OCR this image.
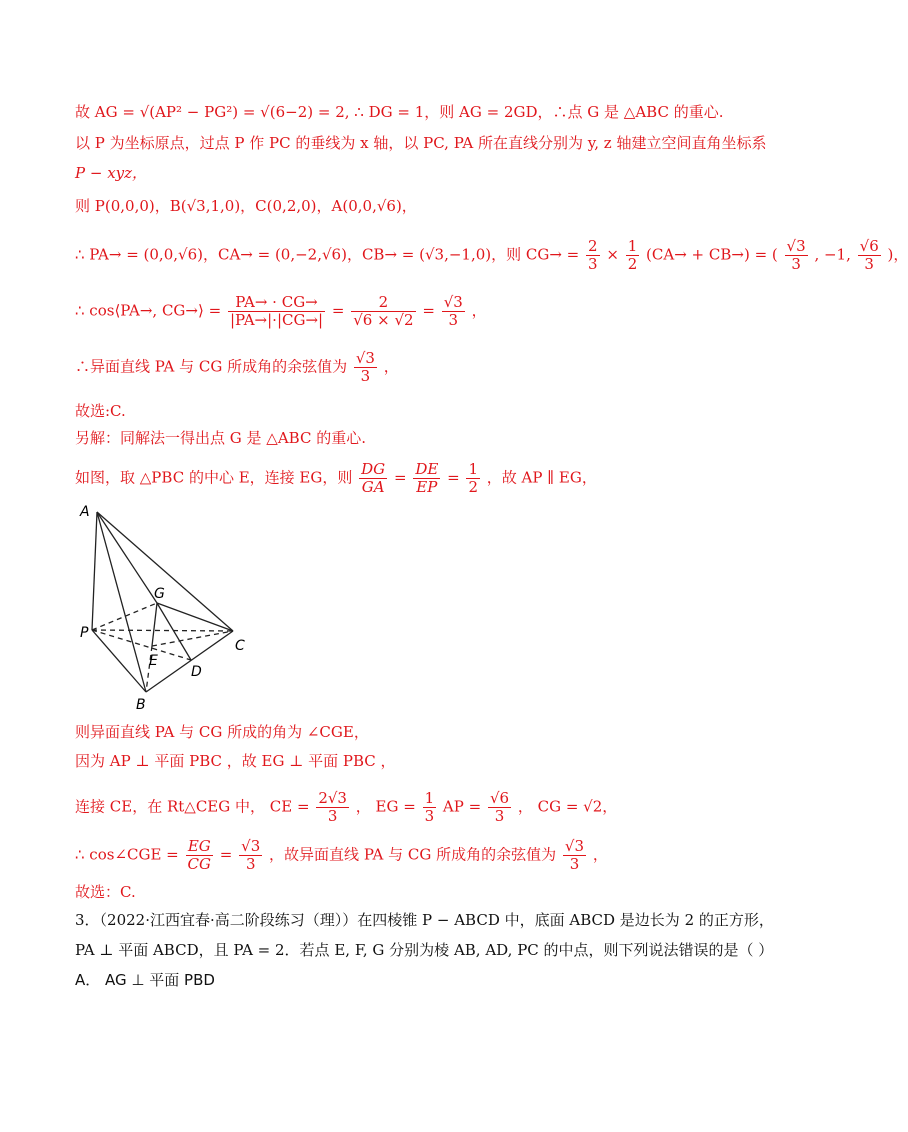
故 AG = √(AP² − PG²) = √(6−2) = 2, ∴ DG = 1，则 AG = 2GD，∴点 G 是 △ABC 的重心.
以 P 为坐标原点，过点 P 作 PC 的垂线为 x 轴，以 PC, PA 所在直线分别为 y, z 轴建立空间直角坐标系
P − xyz，
则 P(0,0,0)，B(√3,1,0)，C(0,2,0)，A(0,0,√6)，
∴ PA→ = (0,0,√6)，CA→ = (0,−2,√6)，CB→ = (√3,−1,0)，则 $CG\to = \frac{2}{3} \times \frac{1}{2} (CA\to + CB\to)$ = ( $\frac{√3}{3}$ , −1, $\frac{√6}{3}$ )，
∴ cos⟨PA→, CG→⟩ = $\frac{PA\to \cdot CG\to}{|PA\to|\cdot|CG\to|} = \frac{2}{√6 \times √2} = \frac{√3}{3}$ ，
∴异面直线 PA 与 CG 所成角的余弦值为 $\frac{√3}{3}$ ，
故选:C.
另解：同解法一得出点 G 是 △ABC 的重心.
如图，取 △PBC 的中心 E，连接 EG，则 $\frac{DG}{GA} = \frac{DE}{EP} = \frac{1}{2}$ ，故 AP ∥ EG，
A
G
P
C
E
D
B
则异面直线 PA 与 CG 所成的角为 ∠CGE，
因为 AP ⊥ 平面 PBC ，故 EG ⊥ 平面 PBC ，
连接 CE，在 Rt△CEG 中， CE = $\frac{2√3}{3}$ ， EG = $\frac{1}{3}$ AP = $\frac{√6}{3}$ ， CG = √2，
∴ cos∠CGE = $\frac{EG}{CG} = \frac{√3}{3}$ ，故异面直线 PA 与 CG 所成角的余弦值为 $\frac{√3}{3}$ ，
故选：C.
3．（2022·江西宜春·高二阶段练习（理））在四棱锥 P − ABCD 中，底面 ABCD 是边长为 2 的正方形，
PA ⊥ 平面 ABCD，且 PA = 2．若点 E, F, G 分别为棱 AB, AD, PC 的中点，则下列说法错误的是（ ）
A． AG ⊥ 平面 PBD
